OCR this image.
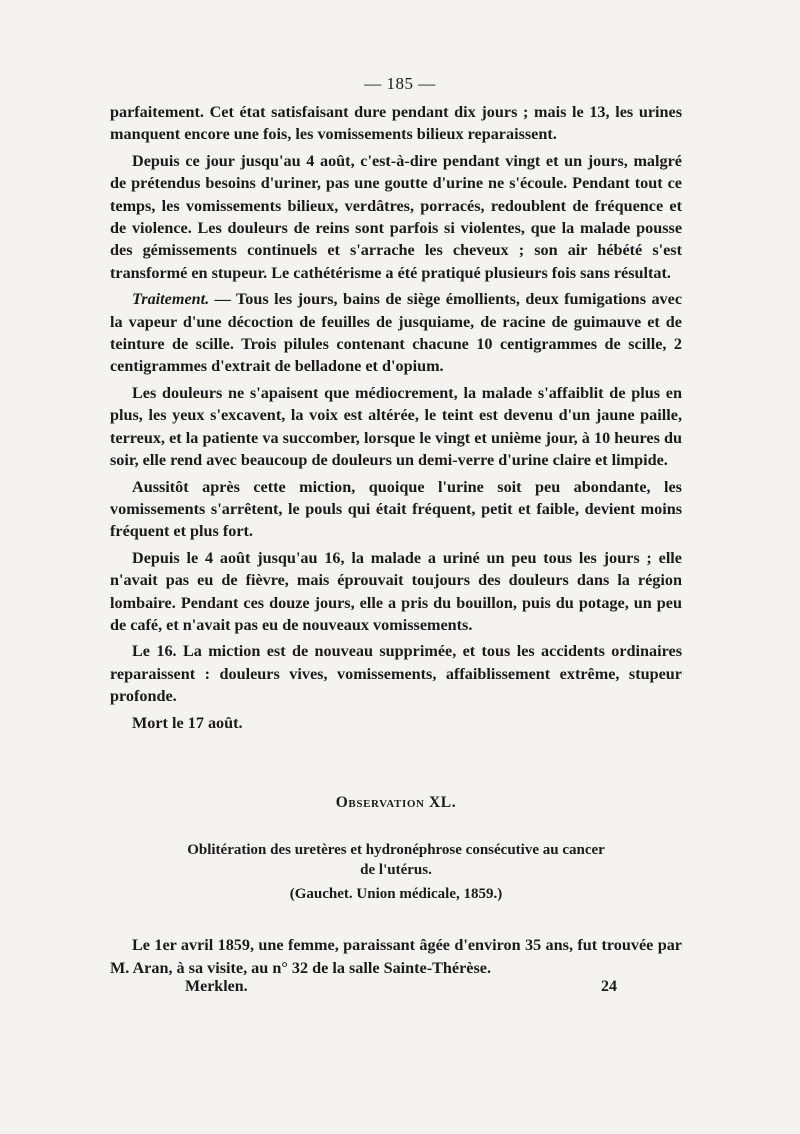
— 185 —

parfaitement. Cet état satisfaisant dure pendant dix jours ; mais le 13, les urines manquent encore une fois, les vomissements bilieux reparaissent.

Depuis ce jour jusqu'au 4 août, c'est-à-dire pendant vingt et un jours, malgré de prétendus besoins d'uriner, pas une goutte d'urine ne s'écoule. Pendant tout ce temps, les vomissements bilieux, verdâtres, porracés, redoublent de fréquence et de violence. Les douleurs de reins sont parfois si violentes, que la malade pousse des gémissements continuels et s'arrache les cheveux ; son air hébété s'est transformé en stupeur. Le cathétérisme a été pratiqué plusieurs fois sans résultat.

Traitement. — Tous les jours, bains de siège émollients, deux fumigations avec la vapeur d'une décoction de feuilles de jusquiame, de racine de guimauve et de teinture de scille. Trois pilules contenant chacune 10 centigrammes de scille, 2 centigrammes d'extrait de belladone et d'opium.

Les douleurs ne s'apaisent que médiocrement, la malade s'affaiblit de plus en plus, les yeux s'excavent, la voix est altérée, le teint est devenu d'un jaune paille, terreux, et la patiente va succomber, lorsque le vingt et unième jour, à 10 heures du soir, elle rend avec beaucoup de douleurs un demi-verre d'urine claire et limpide.

Aussitôt après cette miction, quoique l'urine soit peu abondante, les vomissements s'arrêtent, le pouls qui était fréquent, petit et faible, devient moins fréquent et plus fort.

Depuis le 4 août jusqu'au 16, la malade a uriné un peu tous les jours ; elle n'avait pas eu de fièvre, mais éprouvait toujours des douleurs dans la région lombaire. Pendant ces douze jours, elle a pris du bouillon, puis du potage, un peu de café, et n'avait pas eu de nouveaux vomissements.

Le 16. La miction est de nouveau supprimée, et tous les accidents ordinaires reparaissent : douleurs vives, vomissements, affaiblissement extrême, stupeur profonde.

Mort le 17 août.

Observation XL.
Oblitération des uretères et hydronéphrose consécutive au cancer
de l'utérus.
(Gauchet. Union médicale, 1859.)

Le 1er avril 1859, une femme, paraissant âgée d'environ 35 ans, fut trouvée par M. Aran, à sa visite, au n° 32 de la salle Sainte-Thérèse.

Merklen.	24
